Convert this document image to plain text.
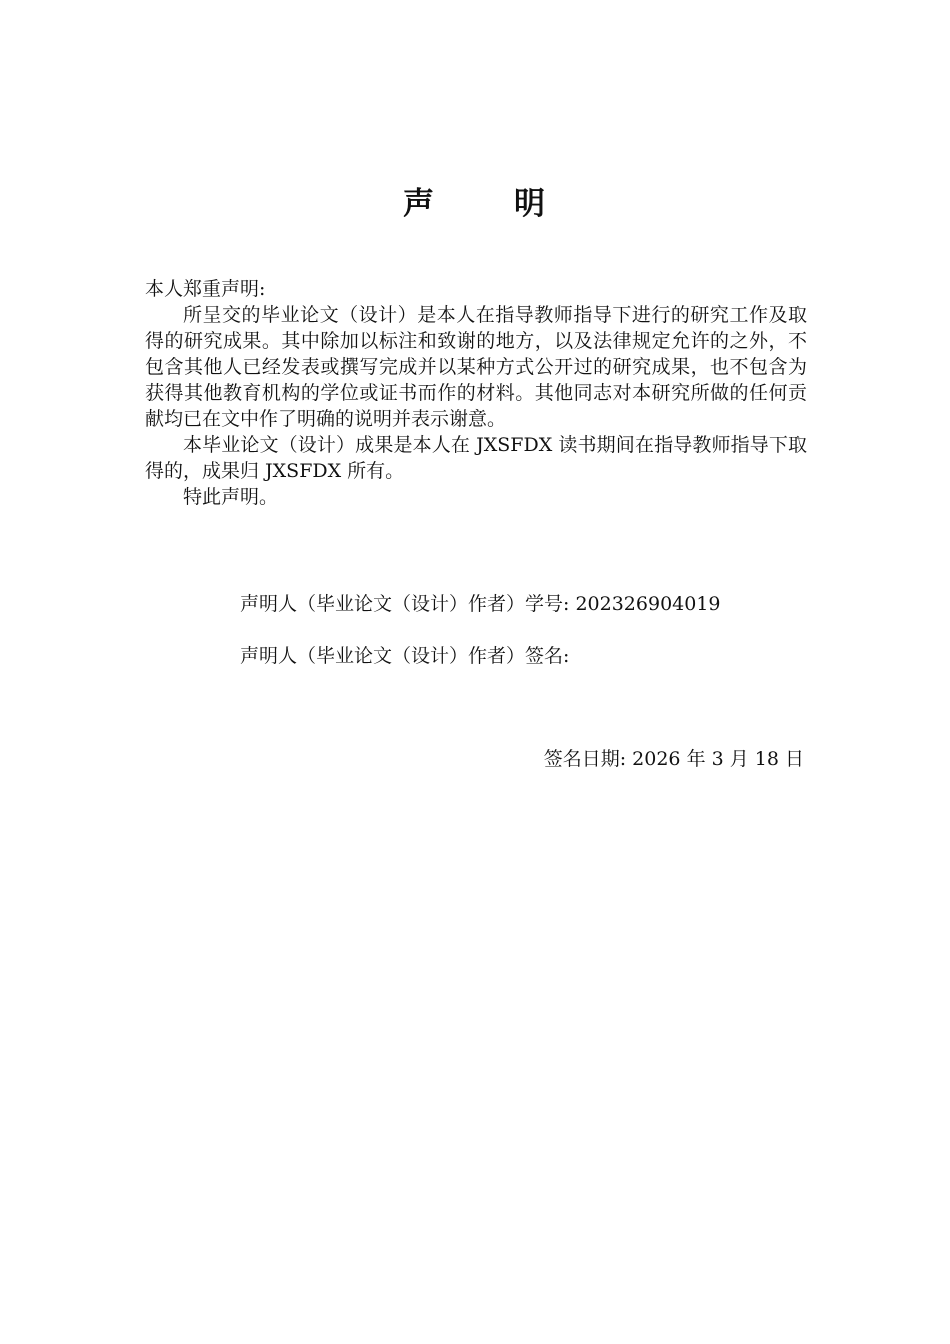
声	明

本人郑重声明:

所呈交的毕业论文（设计）是本人在指导教师指导下进行的研究工作及取得的研究成果。其中除加以标注和致谢的地方，以及法律规定允许的之外，不包含其他人已经发表或撰写完成并以某种方式公开过的研究成果，也不包含为获得其他教育机构的学位或证书而作的材料。其他同志对本研究所做的任何贡献均已在文中作了明确的说明并表示谢意。

本毕业论文（设计）成果是本人在 JXSFDX 读书期间在指导教师指导下取得的，成果归 JXSFDX 所有。

特此声明。

声明人（毕业论文（设计）作者）学号: 202326904019
声明人（毕业论文（设计）作者）签名:
签名日期: 2026 年 3 月 18 日
